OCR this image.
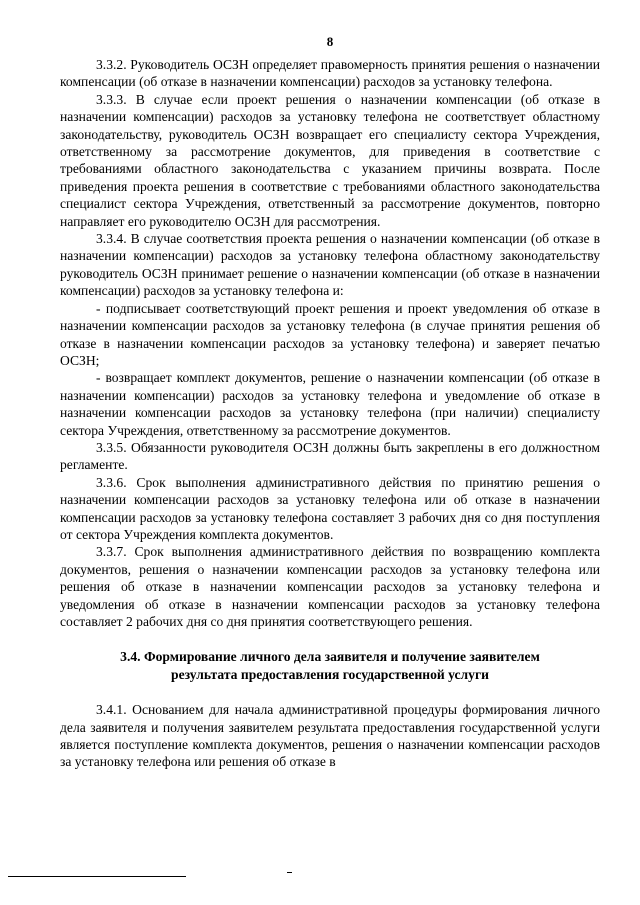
8

3.3.2. Руководитель ОСЗН определяет правомерность принятия решения о назначении компенсации (об отказе в назначении компенсации) расходов за установку телефона.

3.3.3. В случае если проект решения о назначении компенсации (об отказе в назначении компенсации) расходов за установку телефона не соответствует областному законодательству, руководитель ОСЗН возвращает его специалисту сектора Учреждения, ответственному за рассмотрение документов, для приведения в соответствие с требованиями областного законодательства с указанием причины возврата. После приведения проекта решения в соответствие с требованиями областного законодательства специалист сектора Учреждения, ответственный за рассмотрение документов, повторно направляет его руководителю ОСЗН для рассмотрения.

3.3.4. В случае соответствия проекта решения о назначении компенсации (об отказе в назначении компенсации) расходов за установку телефона областному законодательству руководитель ОСЗН принимает решение о назначении компенсации (об отказе в назначении компенсации) расходов за установку телефона и:

- подписывает соответствующий проект решения и проект уведомления об отказе в назначении компенсации расходов за установку телефона (в случае принятия решения об отказе в назначении компенсации расходов за установку телефона) и заверяет печатью ОСЗН;

- возвращает комплект документов, решение о назначении компенсации (об отказе в назначении компенсации) расходов за установку телефона и уведомление об отказе в назначении компенсации расходов за установку телефона (при наличии) специалисту сектора Учреждения, ответственному за рассмотрение документов.

3.3.5. Обязанности руководителя ОСЗН должны быть закреплены в его должностном регламенте.

3.3.6. Срок выполнения административного действия по принятию решения о назначении компенсации расходов за установку телефона или об отказе в назначении компенсации расходов за установку телефона составляет 3 рабочих дня со дня поступления от сектора Учреждения комплекта документов.

3.3.7. Срок выполнения административного действия по возвращению комплекта документов, решения о назначении компенсации расходов за установку телефона или решения об отказе в назначении компенсации расходов за установку телефона и уведомления об отказе в назначении компенсации расходов за установку телефона составляет 2 рабочих дня со дня принятия соответствующего решения.

3.4. Формирование личного дела заявителя и получение заявителем результата предоставления государственной услуги

3.4.1. Основанием для начала административной процедуры формирования личного дела заявителя и получения заявителем результата предоставления государственной услуги является поступление комплекта документов, решения о назначении компенсации расходов за установку телефона или решения об отказе в
